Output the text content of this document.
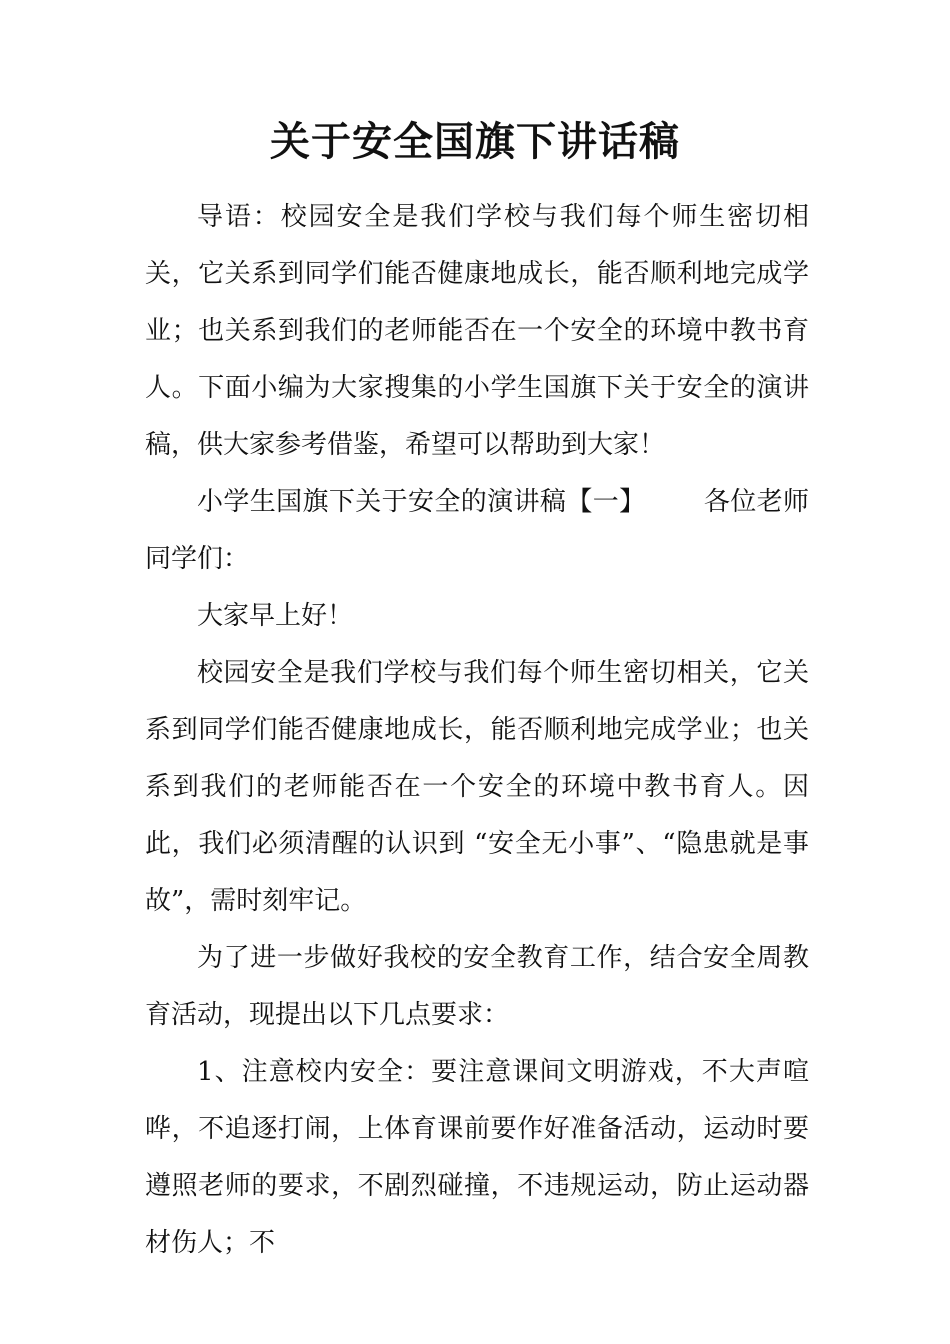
关于安全国旗下讲话稿

导语：校园安全是我们学校与我们每个师生密切相关，它关系到同学们能否健康地成长，能否顺利地完成学业；也关系到我们的老师能否在一个安全的环境中教书育人。下面小编为大家搜集的小学生国旗下关于安全的演讲稿，供大家参考借鉴，希望可以帮助到大家！

小学生国旗下关于安全的演讲稿【一】 各位老师同学们：

大家早上好！

校园安全是我们学校与我们每个师生密切相关，它关系到同学们能否健康地成长，能否顺利地完成学业；也关系到我们的老师能否在一个安全的环境中教书育人。因此，我们必须清醒的认识到 “安全无小事”、“隐患就是事故”，需时刻牢记。

为了进一步做好我校的安全教育工作，结合安全周教育活动，现提出以下几点要求：

1、注意校内安全：要注意课间文明游戏，不大声喧哗，不追逐打闹，上体育课前要作好准备活动，运动时要遵照老师的要求，不剧烈碰撞，不违规运动，防止运动器材伤人；不
